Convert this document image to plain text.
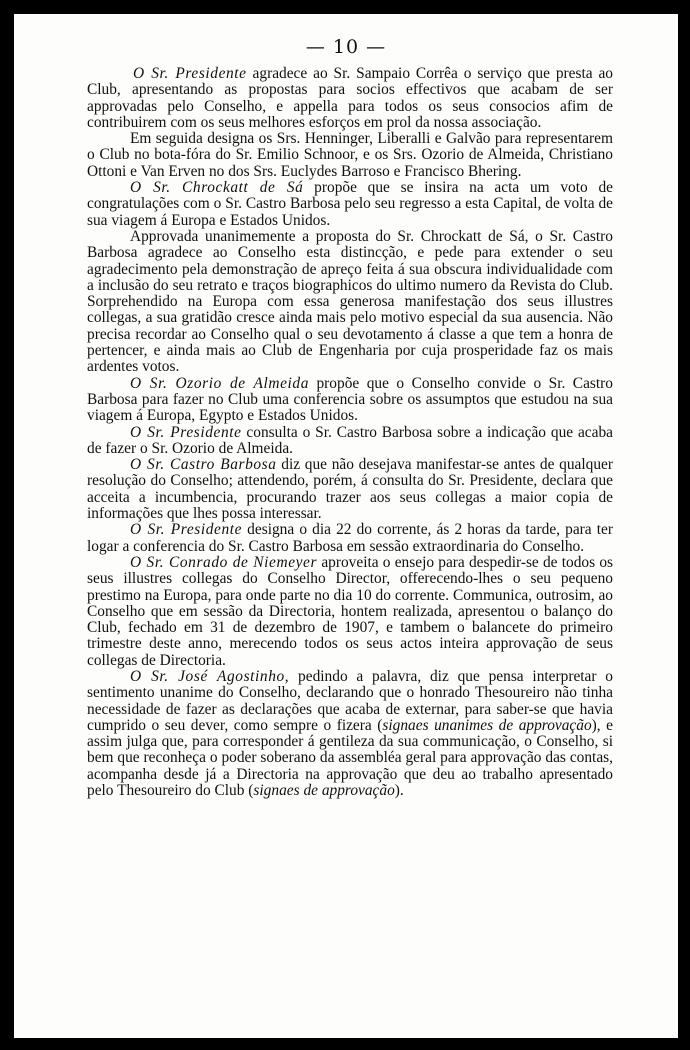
— 10 —

O Sr. Presidente agradece ao Sr. Sampaio Corrêa o serviço que presta ao Club, apresentando as propostas para socios effectivos que acabam de ser approvadas pelo Conselho, e appella para todos os seus consocios afim de contribuirem com os seus melhores esforços em prol da nossa associação.

Em seguida designa os Srs. Henninger, Liberalli e Galvão para representarem o Club no bota-fóra do Sr. Emilio Schnoor, e os Srs. Ozorio de Almeida, Christiano Ottoni e Van Erven no dos Srs. Euclydes Barroso e Francisco Bhering.

O Sr. Chrockatt de Sá propõe que se insira na acta um voto de congratulações com o Sr. Castro Barbosa pelo seu regresso a esta Capital, de volta de sua viagem á Europa e Estados Unidos.

Approvada unanimemente a proposta do Sr. Chrockatt de Sá, o Sr. Castro Barbosa agradece ao Conselho esta distincção, e pede para extender o seu agradecimento pela demonstração de apreço feita á sua obscura individualidade com a inclusão do seu retrato e traços biographicos do ultimo numero da Revista do Club. Sorprehendido na Europa com essa generosa manifestação dos seus illustres collegas, a sua gratidão cresce ainda mais pelo motivo especial da sua ausencia. Não precisa recordar ao Conselho qual o seu devotamento á classe a que tem a honra de pertencer, e ainda mais ao Club de Engenharia por cuja prosperidade faz os mais ardentes votos.

O Sr. Ozorio de Almeida propõe que o Conselho convide o Sr. Castro Barbosa para fazer no Club uma conferencia sobre os assumptos que estudou na sua viagem á Europa, Egypto e Estados Unidos.

O Sr. Presidente consulta o Sr. Castro Barbosa sobre a indicação que acaba de fazer o Sr. Ozorio de Almeida.

O Sr. Castro Barbosa diz que não desejava manifestar-se antes de qualquer resolução do Conselho; attendendo, porém, á consulta do Sr. Presidente, declara que acceita a incumbencia, procurando trazer aos seus collegas a maior copia de informações que lhes possa interessar.

O Sr. Presidente designa o dia 22 do corrente, ás 2 horas da tarde, para ter logar a conferencia do Sr. Castro Barbosa em sessão extraordinaria do Conselho.

O Sr. Conrado de Niemeyer aproveita o ensejo para despedir-se de todos os seus illustres collegas do Conselho Director, offerecendo-lhes o seu pequeno prestimo na Europa, para onde parte no dia 10 do corrente. Communica, outrosim, ao Conselho que em sessão da Directoria, hontem realizada, apresentou o balanço do Club, fechado em 31 de dezembro de 1907, e tambem o balancete do primeiro trimestre deste anno, merecendo todos os seus actos inteira approvação de seus collegas de Directoria.

O Sr. José Agostinho, pedindo a palavra, diz que pensa interpretar o sentimento unanime do Conselho, declarando que o honrado Thesoureiro não tinha necessidade de fazer as declarações que acaba de externar, para saber-se que havia cumprido o seu dever, como sempre o fizera (signaes unanimes de approvação), e assim julga que, para corresponder á gentileza da sua communicação, o Conselho, si bem que reconheça o poder soberano da assembléa geral para approvação das contas, acompanha desde já a Directoria na approvação que deu ao trabalho apresentado pelo Thesoureiro do Club (signaes de approvação).
